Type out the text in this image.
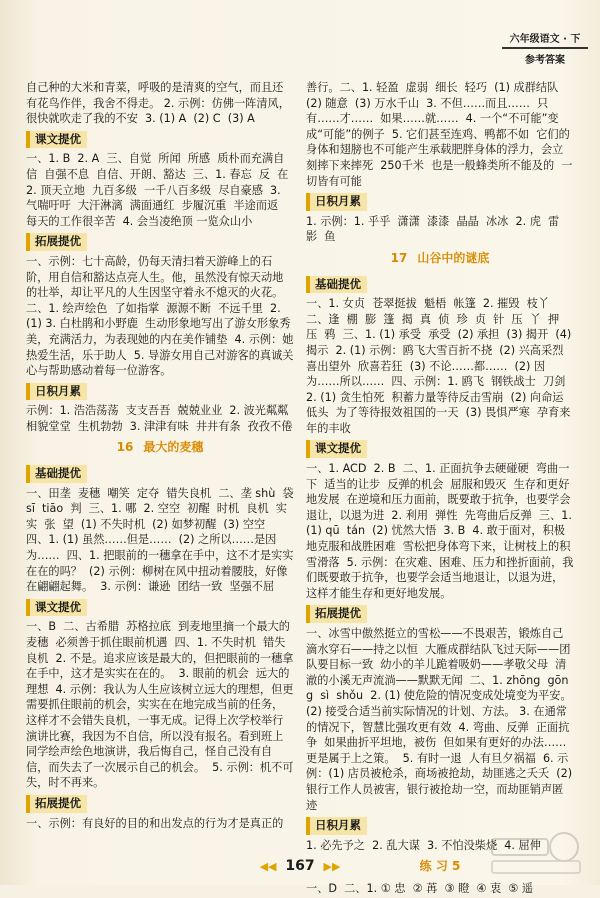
六年级语文 · 下
参考答案

自己种的大米和青菜，呼吸的是清爽的空气，而且还有花鸟作伴，我舍不得走。 2. 示例：仿佛一阵清风，很快就吹走了我的不安  3. (1) A  (2) C  (3) A

课文提优

一、1. B  2. A  三、自觉  所闻  所感  质朴而充满自信  自强不息  自信、开朗、豁达  三、1. 春忘  反  在  2. 顶天立地  九百多级  一千八百多级  尽自豪感  3. 气喘吁吁  大汗淋漓  满面通红  步履沉重  半途而返  每天的工作很辛苦  4. 会当凌绝顶 一览众山小

拓展提优

一、示例：七十高龄，仍每天清扫着天游峰上的石阶，用自信和豁达点亮人生。他，虽然没有惊天动地的壮举，却让平凡的人生因坚守着永不熄灭的火花。二、1. 绘声绘色  了如指掌  源源不断  不远千里  2. (1) 3. 白杜鹃和小野鹿  生动形象地写出了游女形象秀美，充满活力，为表现她的内在美作铺垫  4. 示例：她热爱生活，乐于助人  5. 导游女用自己对游客的真诚关心与帮助感动着每一位游客。

日积月累

示例：1. 浩浩荡荡  支支吾吾  兢兢业业  2. 波光粼粼  相貌堂堂  生机勃勃  3. 津津有味  井井有条  孜孜不倦

16 最大的麦穗
基础提优

一、田垄  麦穗  嘲笑  定夺  错失良机  二、垄 shù  袋 sī  tiāo  判  三、1. 哪  2. 空空  初醒  时机  良机  实实  张  望  (1) 不失时机  (2) 如梦初醒  (3) 空空  四、1. (1) 虽然……但是……  (2) 之所以……是因为……  四、1. 把眼前的一穗拿在手中，这不才是实实在在的吗？  (2) 示例：柳树在风中扭动着腰肢，好像在翩翩起舞。  3. 示例：谦逊  团结一致  坚强不屈

课文提优

一、B  二、古希腊  苏格拉底  到麦地里摘一个最大的麦穗  必须善于抓住眼前机遇  四、1. 不失时机  错失良机  2. 不是。追求应该是最大的，但把眼前的一穗拿在手中，这才是实实在在的。  3. 眼前的机会  远大的理想  4. 示例：我认为人生应该树立远大的理想，但更需要抓住眼前的机会，实实在在地完成当前的任务，这样才不会错失良机，一事无成。记得上次学校举行演讲比赛，我因为不自信，所以没有报名。看到班上同学绘声绘色地演讲，我后悔自己，怪自己没有自信，而失去了一次展示自己的机会。  5. 示例：机不可失，时不再来。

拓展提优

一、示例：有良好的目的和出发点的行为才是真正的

善行。二、1. 轻盈  虚弱  细长  轻巧  (1) 成群结队  (2) 随意  (3) 万水千山  3. 不但……而且……  只有……才……  如果……就……  4. 一个“不可能”变成“可能”的例子  5. 它们甚至连鸡、鸭都不如  它们的身体和翅膀也不可能产生承载肥胖身体的浮力，会立刻摔下来摔死  250千米  也是一般蜂类所不能及的  一切皆有可能

日积月累

1. 示例：1. 乎乎  潇潇  漆漆  晶晶  冰冰  2. 虎  雷  影  鱼

17 山谷中的谜底
基础提优

一、1. 女贞  苍翠挺拔  魁梧  帐篷  2. 摧毁  枝丫  二、逢  棚  膨  篷  揭  真  侦  珍  贞  针  压  丫  押  压  鸦  三、1. (1) 承受  承受  (2) 承担  (3) 揭开  (4) 揭示  2. (1) 示例：鸥飞大雪百折不挠  (2) 兴高采烈  喜出望外  欣喜若狂  (3) 不论……都……  (2) 因为……所以……  四、示例：1. 鸥飞  钢铁战士  刀剑  2. (1) 贪生怕死  积蓄力量等待反击雪崩  (2) 向命运低头  为了等待报效祖国的一天  (3) 畏惧严寒  孕育来年的丰收

课文提优

一、1. ACD  2. B  二、1. 正面抗争去硬碰硬  弯曲一下  适当的让步  反弹的机会  屈服和毁灭  生存和更好地发展  在逆境和压力面前，既要敢于抗争，也要学会退让，以退为进  2. 利用  弹性  先弯曲后反弹  三、1. (1) qū  tán  (2) 忧然大悟  3. B  4. 敢于面对，积极地克服和战胜困难  雪松把身体弯下来，让树枝上的积雪滑落  5. 示例：在灾难、困难、压力和挫折面前，我们既要敢于抗争，也要学会适当地退让，以退为进，这样才能生存和更好地发展。

拓展提优

一、冰雪中傲然挺立的雪松——不畏艰苦，锻炼自己  滴水穿石——持之以恒  大雁成群结队飞过天际——团队要目标一致  幼小的羊儿跪着吸奶——孝敬父母  清澈的小溪无声流淌——默默无闻  二、1. zhōng  gōng  sì  shǒu  2. (1) 使危险的情况变成处境变为平安。 (2) 接受合适当前实际情况的计划、方法。 3. 在通常的情况下，智慧比强攻更有效  4. 弯曲、反弹  正面抗争  如果曲折平坦地，被伤  但如果有更好的办法……更是属于上之策。  5. 有时一退  人有旦夕祸福  6. 示例：(1) 店员被枪杀，商场被抢劫，劫匪逃之夭夭  (2) 银行工作人员被害，银行被抢劫一空，而劫匪销声匿迹

日积月累

1. 必先予之  2. 乱大谋  3. 不怕没柴烧  4. 屈伸

练 习 5

一、D  二、1. ① 忠  ② 苒  ③ 瞪  ④ 衷  ⑤ 遥

◀◀ 167 ▶▶
